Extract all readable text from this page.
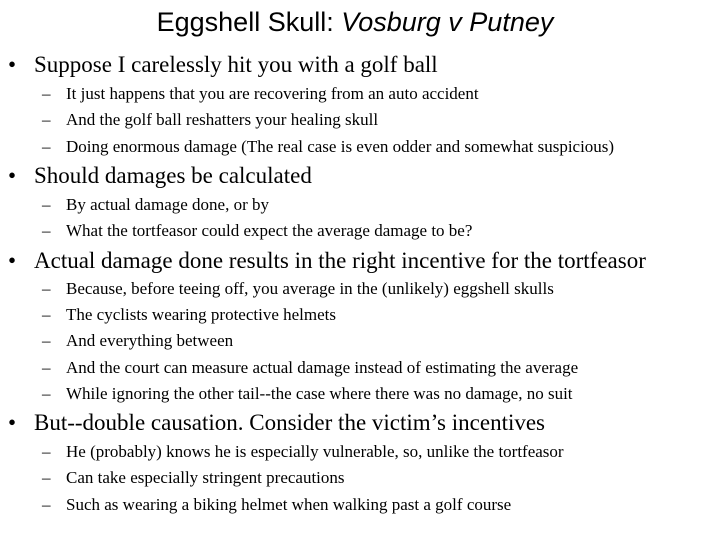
Eggshell Skull: Vosburg v Putney
• Suppose I carelessly hit you with a golf ball
– It just happens that you are recovering from an auto accident
– And the golf ball reshatters your healing skull
– Doing enormous damage (The real case is even odder and somewhat suspicious)
• Should damages be calculated
– By actual damage done, or by
– What the tortfeasor could expect the average damage to be?
• Actual damage done results in the right incentive for the tortfeasor
– Because, before teeing off, you average in the (unlikely) eggshell skulls
– The cyclists wearing protective helmets
– And everything between
– And the court can measure actual damage instead of estimating the average
– While ignoring the other tail--the case where there was no damage, no suit
• But--double causation. Consider the victim’s incentives
– He (probably) knows he is especially vulnerable, so, unlike the tortfeasor
– Can take especially stringent precautions
– Such as wearing a biking helmet when walking past a golf course
